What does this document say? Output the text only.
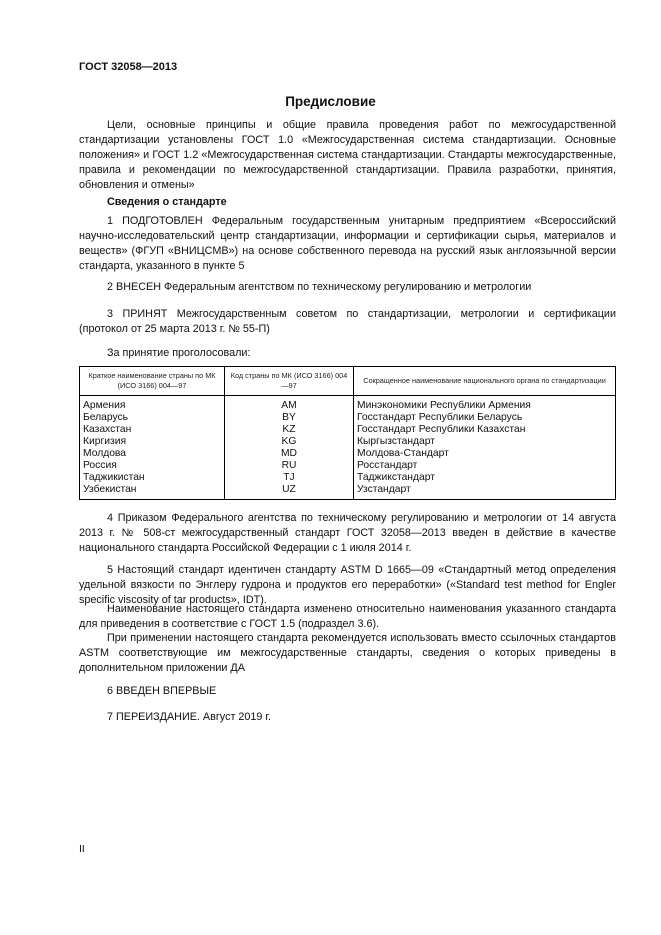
ГОСТ 32058—2013
Предисловие
Цели, основные принципы и общие правила проведения работ по межгосударственной стандартизации установлены ГОСТ 1.0 «Межгосударственная система стандартизации. Основные положения» и ГОСТ 1.2 «Межгосударственная система стандартизации. Стандарты межгосударственные, правила и рекомендации по межгосударственной стандартизации. Правила разработки, принятия, обновления и отмены»
Сведения о стандарте
1 ПОДГОТОВЛЕН Федеральным государственным унитарным предприятием «Всероссийский научно-исследовательский центр стандартизации, информации и сертификации сырья, материалов и веществ» (ФГУП «ВНИЦСМВ») на основе собственного перевода на русский язык англоязычной версии стандарта, указанного в пункте 5
2 ВНЕСЕН Федеральным агентством по техническому регулированию и метрологии
3 ПРИНЯТ Межгосударственным советом по стандартизации, метрологии и сертификации (протокол от 25 марта 2013 г. № 55-П)
За принятие проголосовали:
Краткое наименование страны по МК (ИСО 3166) 004—97	Код страны по МК (ИСО 3166) 004—97	Сокращенное наименование национального органа по стандартизации
Армения	AM	Минэкономики Республики Армения
Беларусь	BY	Госстандарт Республики Беларусь
Казахстан	KZ	Госстандарт Республики Казахстан
Киргизия	KG	Кыргызстандарт
Молдова	MD	Молдова-Стандарт
Россия	RU	Росстандарт
Таджикистан	TJ	Таджикстандарт
Узбекистан	UZ	Узстандарт
4 Приказом Федерального агентства по техническому регулированию и метрологии от 14 августа 2013 г. № 508-ст межгосударственный стандарт ГОСТ 32058—2013 введен в действие в качестве национального стандарта Российской Федерации с 1 июля 2014 г.
5 Настоящий стандарт идентичен стандарту ASTM D 1665—09 «Стандартный метод определения удельной вязкости по Энглеру гудрона и продуктов его переработки» («Standard test method for Engler specific viscosity of tar products», IDT).
Наименование настоящего стандарта изменено относительно наименования указанного стандарта для приведения в соответствие с ГОСТ 1.5 (подраздел 3.6).
При применении настоящего стандарта рекомендуется использовать вместо ссылочных стандартов ASTM соответствующие им межгосударственные стандарты, сведения о которых приведены в дополнительном приложении ДА
6 ВВЕДЕН ВПЕРВЫЕ
7 ПЕРЕИЗДАНИЕ. Август 2019 г.
II
